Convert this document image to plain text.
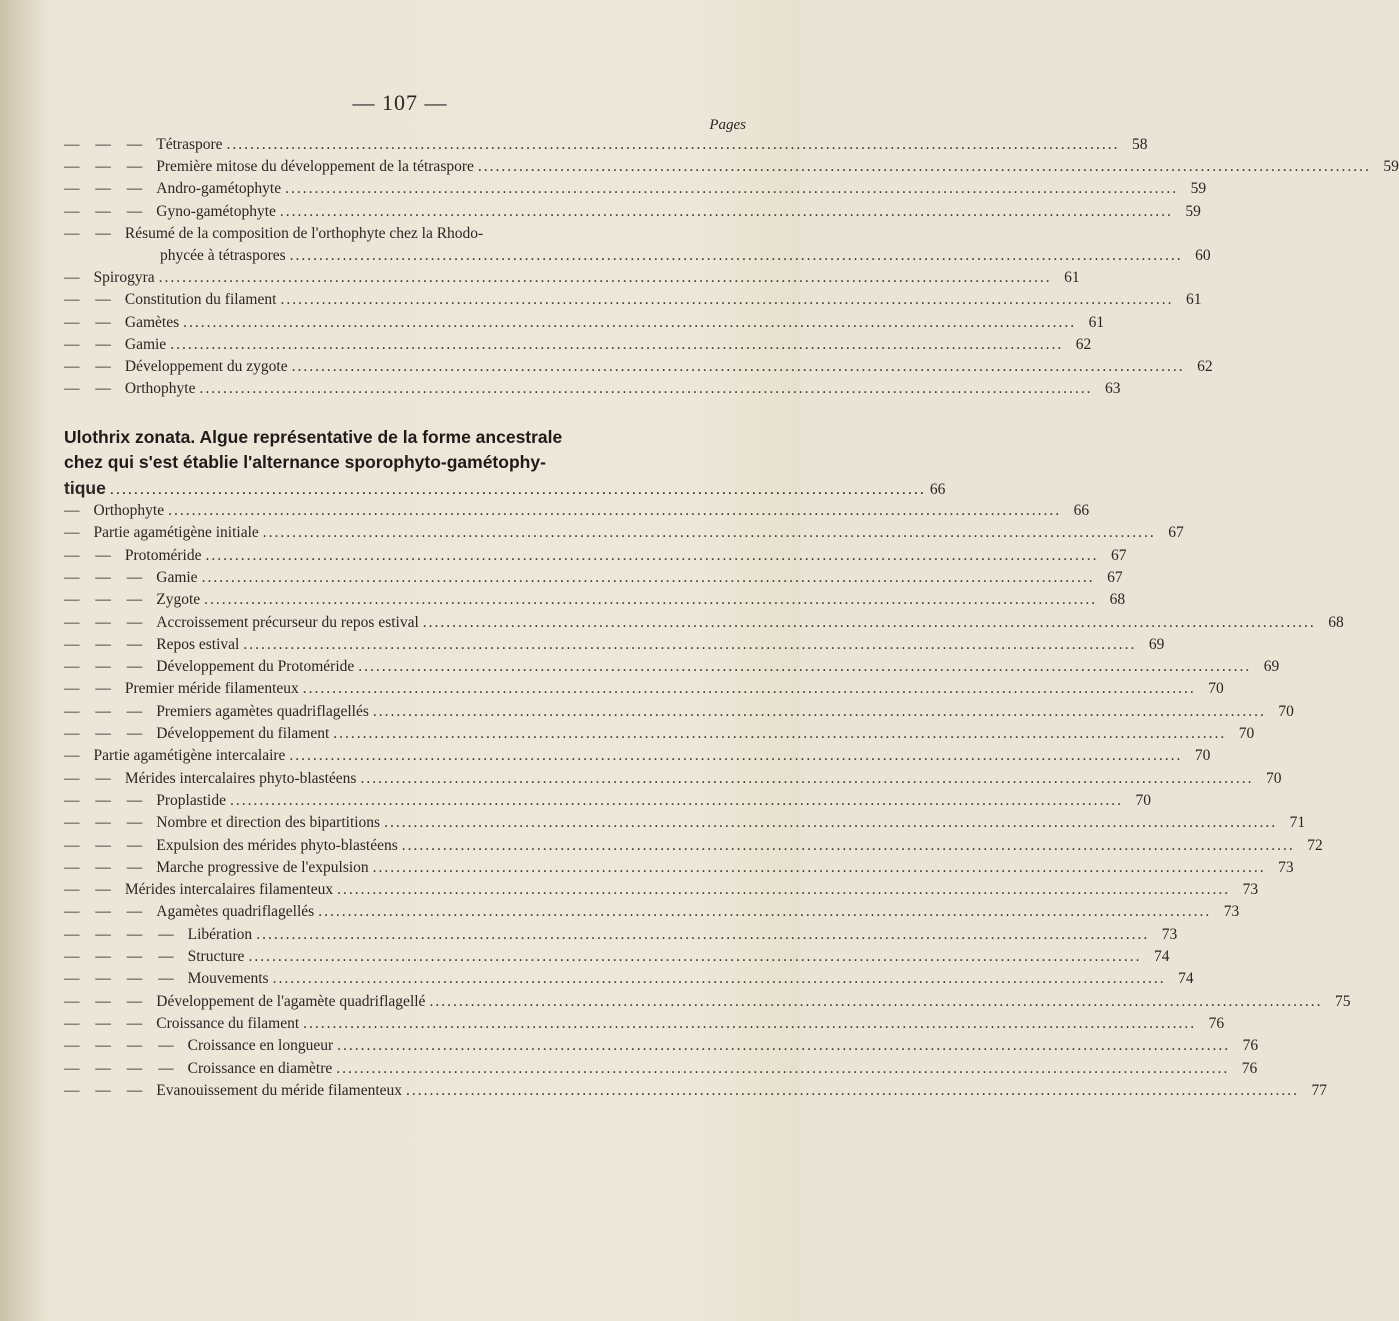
— 107 —
Pages
— — — Tétraspore .....	58
— — — Première mitose du développement de la tétraspore .....	59
— — — Andro-gamétophyte .....	59
— — — Gyno-gamétophyte .....	59
— — Résumé de la composition de l'orthophyte chez la Rhodo-
phycée à tétraspores .....	60
— Spirogyra .....	61
— — Constitution du filament .....	61
— — Gamètes .....	61
— — Gamie .....	62
— — Développement du zygote .....	62
— — Orthophyte .....	63
Ulothrix zonata. Algue représentative de la forme ancestrale
chez qui s'est établie l'alternance sporophyto-gamétophy-
tique ........................................................................................................................................ 66
— Orthophyte .....	66
— Partie agamétigène initiale .....	67
— — Protoméride .....	67
— — — Gamie .....	67
— — — Zygote .....	68
— — — Accroissement précurseur du repos estival .....	68
— — — Repos estival .....	69
— — — Développement du Protoméride .....	69
— — Premier méride filamenteux .....	70
— — — Premiers agamètes quadriflagellés .....	70
— — — Développement du filament .....	70
— Partie agamétigène intercalaire .....	70
— — Mérides intercalaires phyto-blastéens .....	70
— — — Proplastide .....	70
— — — Nombre et direction des bipartitions .....	71
— — — Expulsion des mérides phyto-blastéens .....	72
— — — Marche progressive de l'expulsion .....	73
— — Mérides intercalaires filamenteux .....	73
— — — Agamètes quadriflagellés .....	73
— — — — Libération .....	73
— — — — Structure .....	74
— — — — Mouvements .....	74
— — — Développement de l'agamète quadriflagellé .....	75
— — — Croissance du filament .....	76
— — — — Croissance en longueur .....	76
— — — — Croissance en diamètre .....	76
— — — Evanouissement du méride filamenteux .....	77
